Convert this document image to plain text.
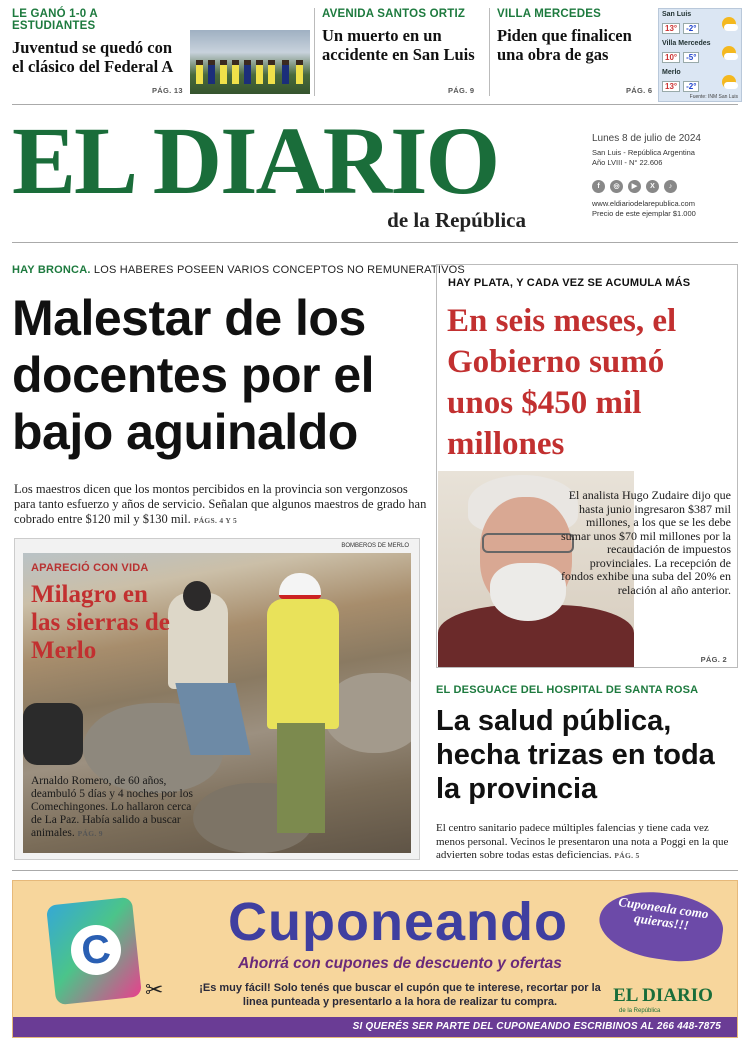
LE GANÓ 1-0 A ESTUDIANTES
Juventud se quedó con el clásico del Federal A
PÁG. 13
AVENIDA SANTOS ORTIZ
Un muerto en un accidente en San Luis
PÁG. 9
VILLA MERCEDES
Piden que finalicen una obra de gas
PÁG. 6
San Luis
13° -2°
Villa Mercedes
10° -5°
Merlo
13° -2°
Fuente: INM San Luis
EL DIARIO
de la República
Lunes 8 de julio de 2024
San Luis - República Argentina
Año LVIII - N° 22.606
f	◎	▶	X	♪
www.eldiariodelarepublica.com
Precio de este ejemplar $1.000
HAY BRONCA. LOS HABERES POSEEN VARIOS CONCEPTOS NO REMUNERATIVOS
Malestar de los docentes por el bajo aguinaldo
Los maestros dicen que los montos percibidos en la provincia son vergonzosos para tanto esfuerzo y años de servicio. Señalan que algunos maestros de grado han cobrado entre $120 mil y $130 mil. PÁGS. 4 Y 5
BOMBEROS DE MERLO
APARECIÓ CON VIDA
Milagro en las sierras de Merlo
Arnaldo Romero, de 60 años, deambuló 5 días y 4 noches por los Comechingones. Lo hallaron cerca de La Paz. Había salido a buscar animales. PÁG. 9
HAY PLATA, Y CADA VEZ SE ACUMULA MÁS
En seis meses, el Gobierno sumó unos $450 mil millones
El analista Hugo Zudaire dijo que hasta junio ingresaron $387 mil millones, a los que se les debe sumar unos $70 mil millones por la recaudación de impuestos provinciales. La recepción de fondos exhibe una suba del 20% en relación al año anterior.
PÁG. 2
EL DESGUACE DEL HOSPITAL DE SANTA ROSA
La salud pública, hecha trizas en toda la provincia
El centro sanitario padece múltiples falencias y tiene cada vez menos personal. Vecinos le presentaron una nota a Poggi en la que advierten sobre todas estas deficiencias. PÁG. 5
C
✂
Cuponeando
Ahorrá con cupones de descuento y ofertas
¡Es muy fácil! Solo tenés que buscar el cupón que te interese, recortar por la linea punteada y presentarlo a la hora de realizar tu compra.
Cuponeala como quieras!!!
EL DIARIO
de la República
SI QUERÉS SER PARTE DEL CUPONEANDO ESCRIBINOS AL 266 448-7875
